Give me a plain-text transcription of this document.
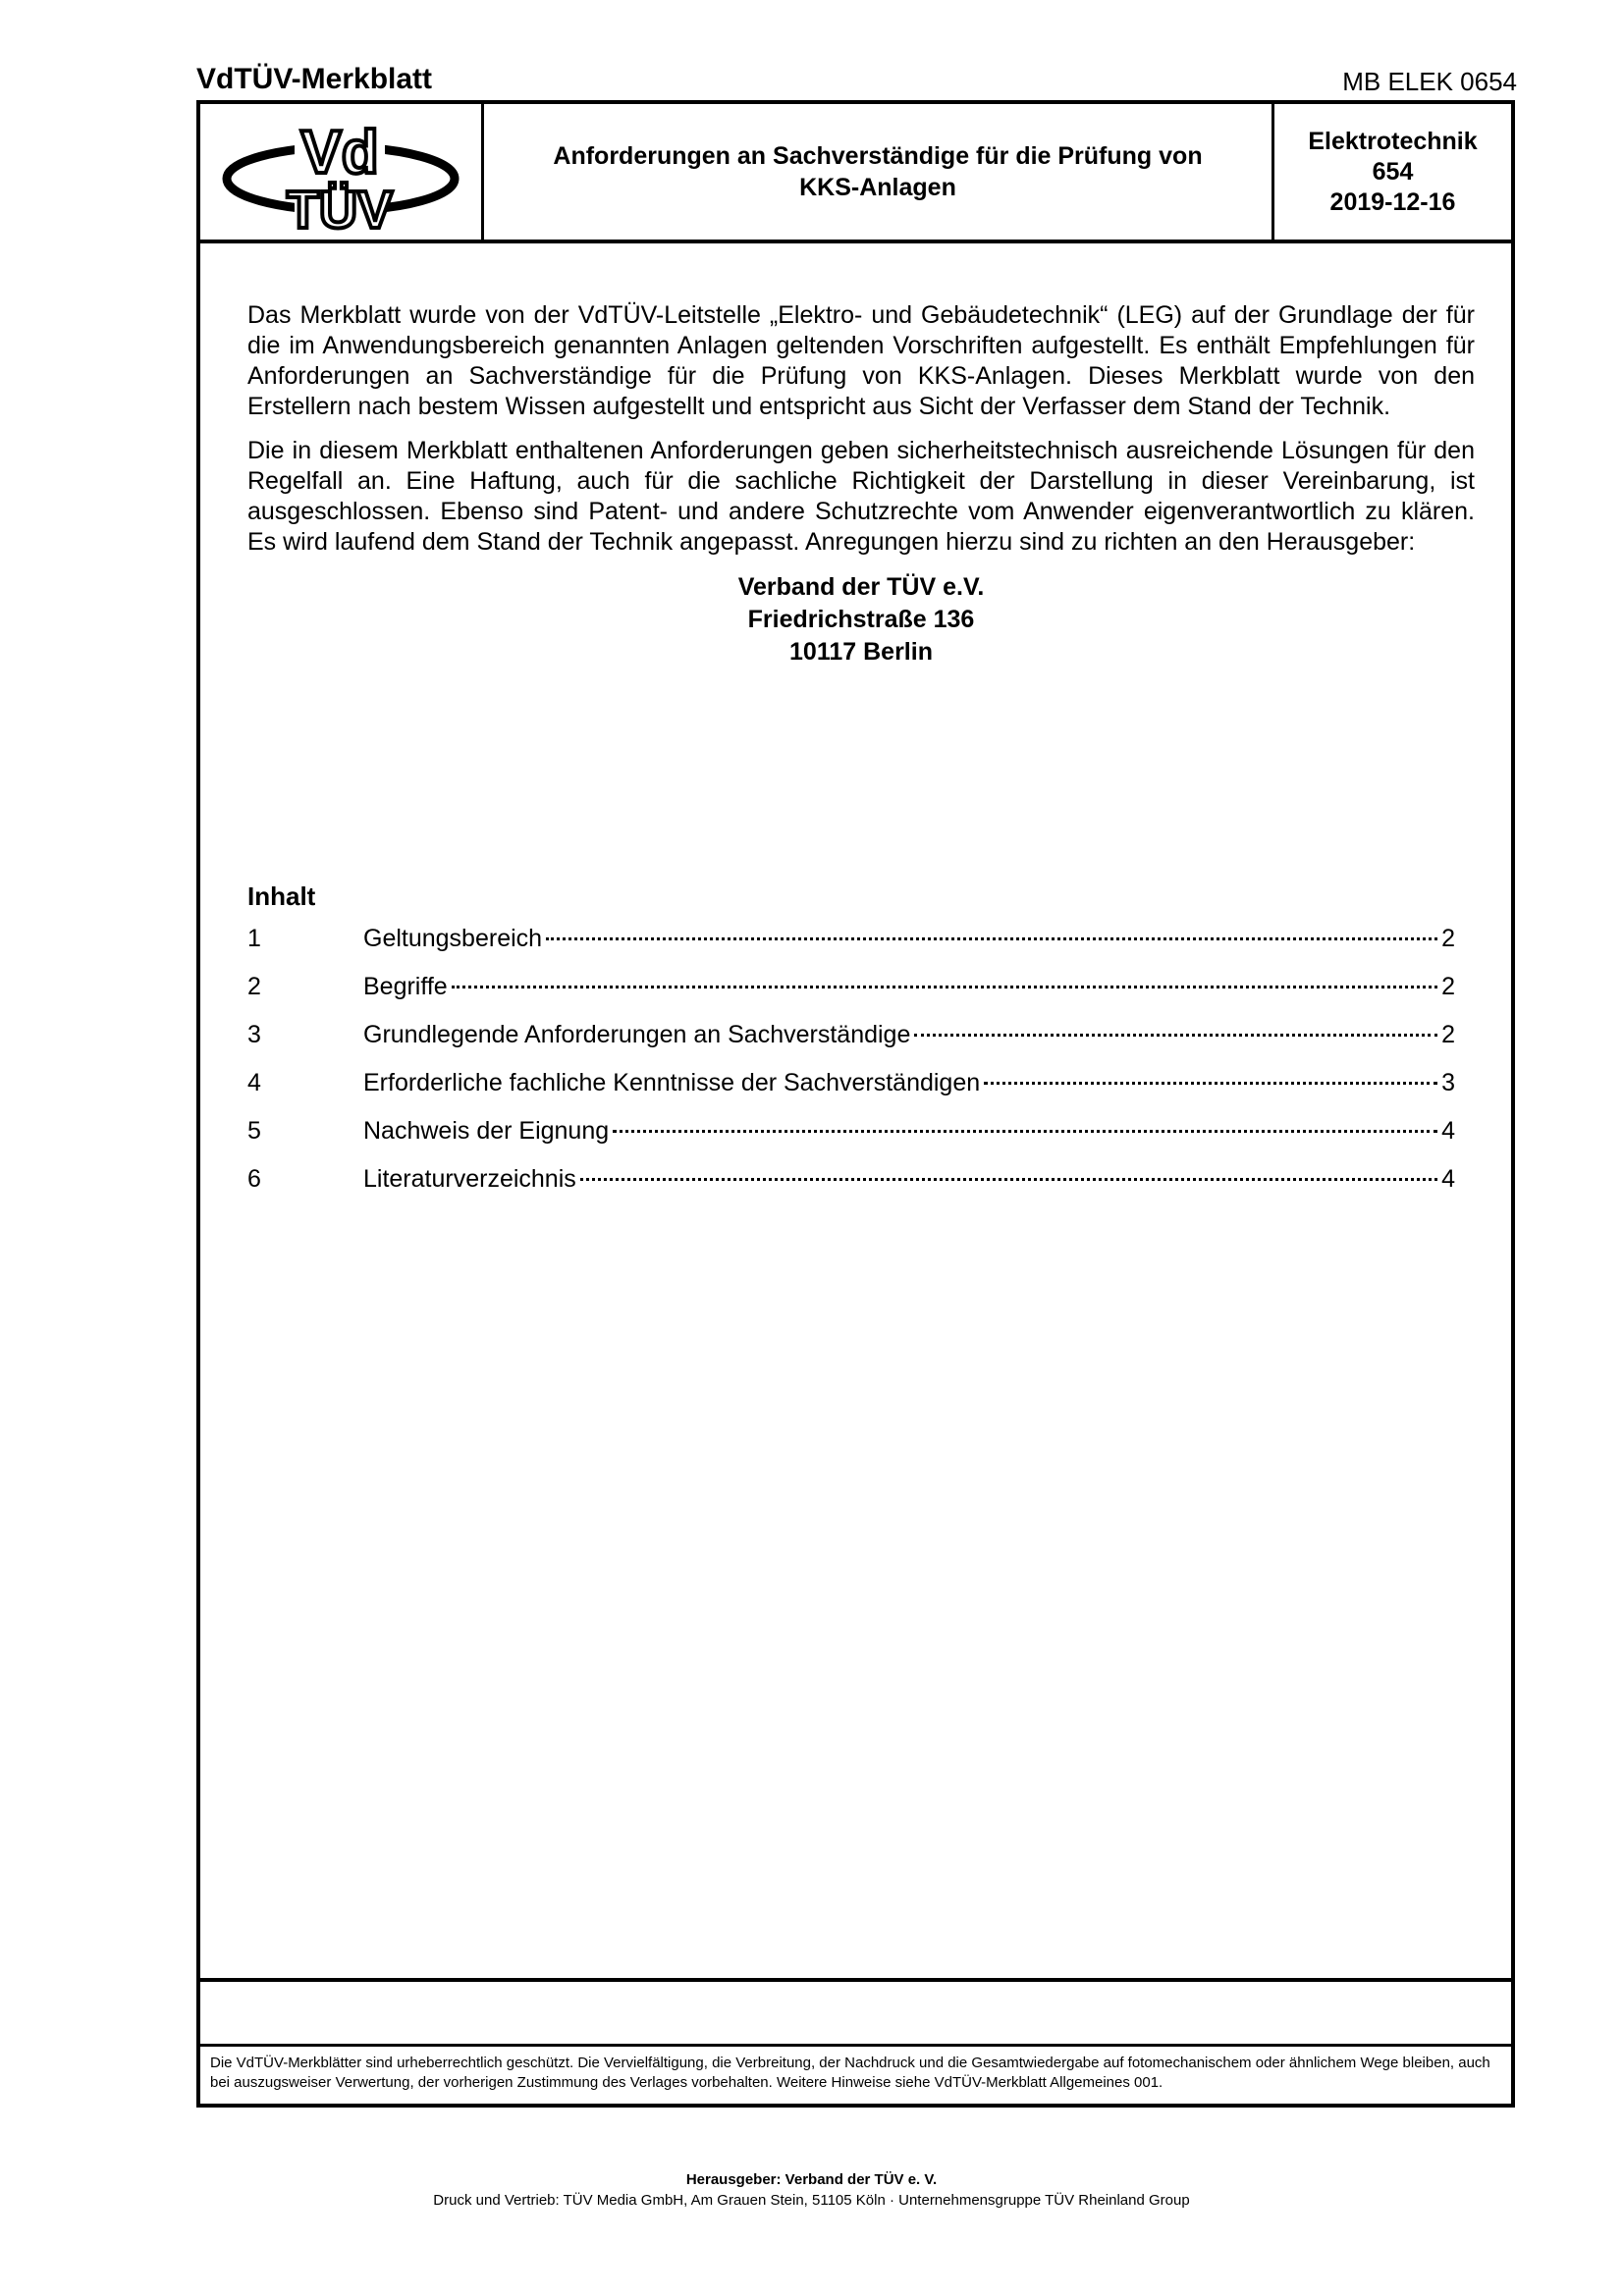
VdTÜV-Merkblatt	MB ELEK 0654
Vd
TÜV
Anforderungen an Sachverständige für die Prüfung von
KKS-Anlagen
Elektrotechnik
654
2019-12-16

Das Merkblatt wurde von der VdTÜV-Leitstelle „Elektro- und Gebäudetechnik“ (LEG) auf der Grundlage der für die im Anwendungsbereich genannten Anlagen geltenden Vorschriften aufgestellt. Es enthält Empfehlungen für Anforderungen an Sachverständige für die Prüfung von KKS-Anlagen. Dieses Merkblatt wurde von den Erstellern nach bestem Wissen aufgestellt und entspricht aus Sicht der Verfasser dem Stand der Technik.

Die in diesem Merkblatt enthaltenen Anforderungen geben sicherheitstechnisch ausreichende Lösungen für den Regelfall an. Eine Haftung, auch für die sachliche Richtigkeit der Darstellung in dieser Vereinbarung, ist ausgeschlossen. Ebenso sind Patent- und andere Schutzrechte vom Anwender eigenverantwortlich zu klären. Es wird laufend dem Stand der Technik angepasst. Anregungen hierzu sind zu richten an den Herausgeber:

Verband der TÜV e.V.
Friedrichstraße 136
10117 Berlin
Inhalt
1	Geltungsbereich	2
2	Begriffe	2
3	Grundlegende Anforderungen an Sachverständige	2
4	Erforderliche fachliche Kenntnisse der Sachverständigen	3
5	Nachweis der Eignung	4
6	Literaturverzeichnis	4
Die VdTÜV-Merkblätter sind urheberrechtlich geschützt. Die Vervielfältigung, die Verbreitung, der Nachdruck und die Gesamtwiedergabe auf fotomechanischem oder ähnlichem Wege bleiben, auch bei auszugsweiser Verwertung, der vorherigen Zustimmung des Verlages vorbehalten. Weitere Hinweise siehe VdTÜV-Merkblatt Allgemeines 001.
Herausgeber: Verband der TÜV e. V.
Druck und Vertrieb: TÜV Media GmbH, Am Grauen Stein, 51105 Köln · Unternehmensgruppe TÜV Rheinland Group
